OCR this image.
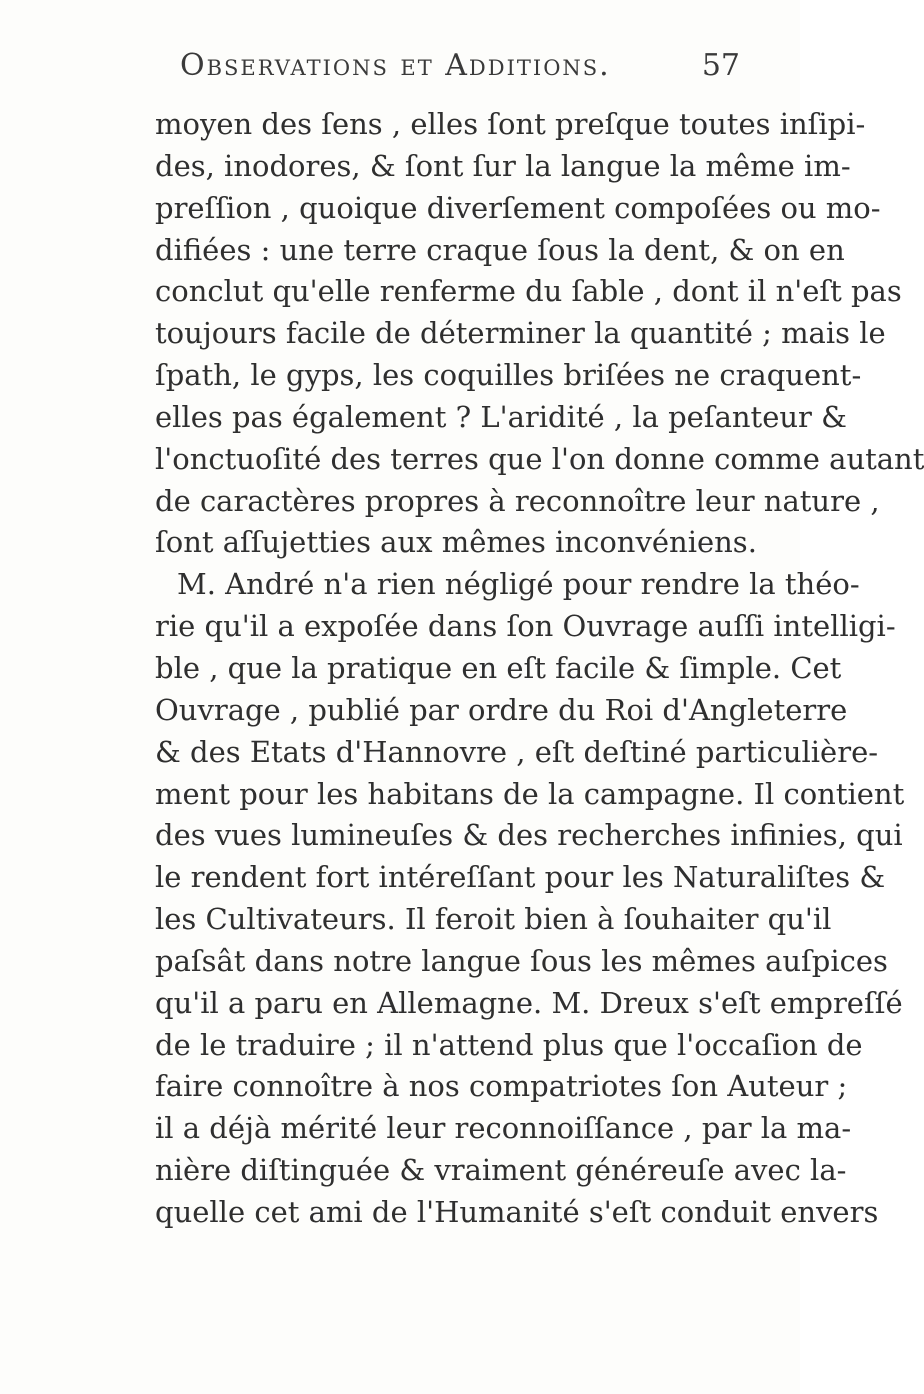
Observations et Additions.	57
moyen des ſens , elles ſont preſque toutes inſipi-
des, inodores, & ſont ſur la langue la même im-
preſſion , quoique diverſement compoſées ou mo-
difiées : une terre craque ſous la dent, & on en
conclut qu'elle renferme du ſable , dont il n'eſt pas
toujours facile de déterminer la quantité ; mais le
ſpath, le gyps, les coquilles briſées ne craquent-
elles pas également ? L'aridité , la peſanteur &
l'onctuoſité des terres que l'on donne comme autant
de caractères propres à reconnoître leur nature ,
ſont aſſujetties aux mêmes inconvéniens.
M. André n'a rien négligé pour rendre la théo-
rie qu'il a expoſée dans ſon Ouvrage auſſi intelligi-
ble , que la pratique en eſt facile & ſimple. Cet
Ouvrage , publié par ordre du Roi d'Angleterre
& des Etats d'Hannovre , eſt deſtiné particulière-
ment pour les habitans de la campagne. Il contient
des vues lumineuſes & des recherches infinies, qui
le rendent fort intéreſſant pour les Naturaliſtes &
les Cultivateurs. Il feroit bien à ſouhaiter qu'il
paſsât dans notre langue ſous les mêmes auſpices
qu'il a paru en Allemagne. M. Dreux s'eſt empreſſé
de le traduire ; il n'attend plus que l'occaſion de
faire connoître à nos compatriotes ſon Auteur ;
il a déjà mérité leur reconnoiſſance , par la ma-
nière diſtinguée & vraiment généreuſe avec la-
quelle cet ami de l'Humanité s'eſt conduit envers
